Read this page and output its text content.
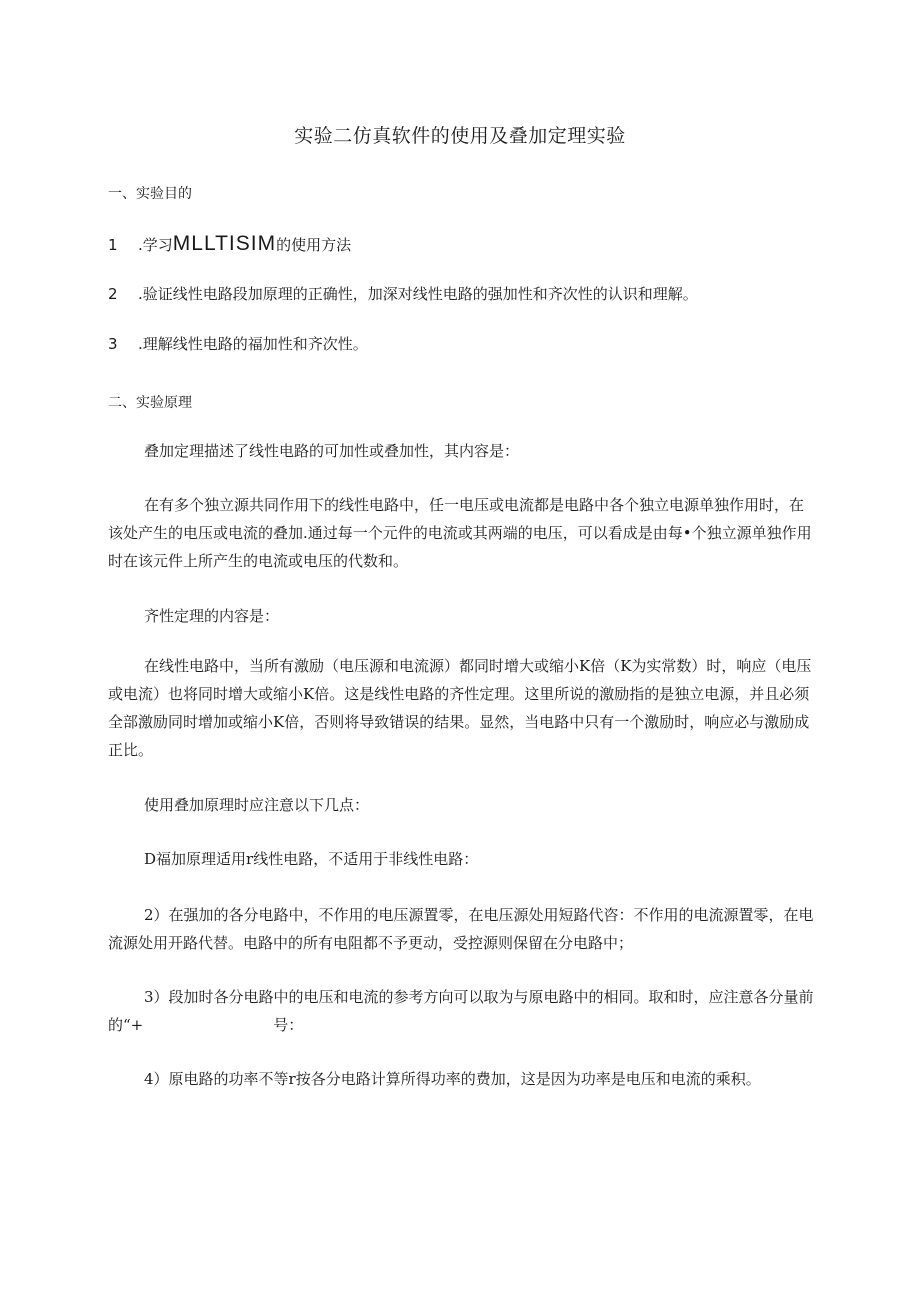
实验二仿真软件的使用及叠加定理实验
一、实验目的

1 .学习MLLTISIM的使用方法

2 .验证线性电路段加原理的正确性，加深对线性电路的强加性和齐次性的认识和理解。

3 .理解线性电路的福加性和齐次性。

二、实验原理

叠加定理描述了线性电路的可加性或叠加性，其内容是：

在有多个独立源共同作用下的线性电路中，任一电压或电流都是电路中各个独立电源单独作用时，在该处产生的电压或电流的叠加.通过每一个元件的电流或其两端的电压，可以看成是由每•个独立源单独作用时在该元件上所产生的电流或电压的代数和。

齐性定理的内容是：

在线性电路中，当所有激励（电压源和电流源）都同时增大或缩小K倍（K为实常数）时，响应（电压或电流）也将同时增大或缩小K倍。这是线性电路的齐性定理。这里所说的激励指的是独立电源，并且必须全部激励同时增加或缩小K倍，否则将导致错误的结果。显然，当电路中只有一个激励时，响应必与激励成正比。

使用叠加原理时应注意以下几点：

D福加原理适用r线性电路，不适用于非线性电路：

2）在强加的各分电路中，不作用的电压源置零，在电压源处用短路代咨：不作用的电流源置零，在电流源处用开路代替。电路中的所有电阻都不予更动，受控源则保留在分电路中；

3）段加时各分电路中的电压和电流的参考方向可以取为与原电路中的相同。取和时，应注意各分量前的“+	号：

4）原电路的功率不等r按各分电路计算所得功率的费加，这是因为功率是电压和电流的乘积。
